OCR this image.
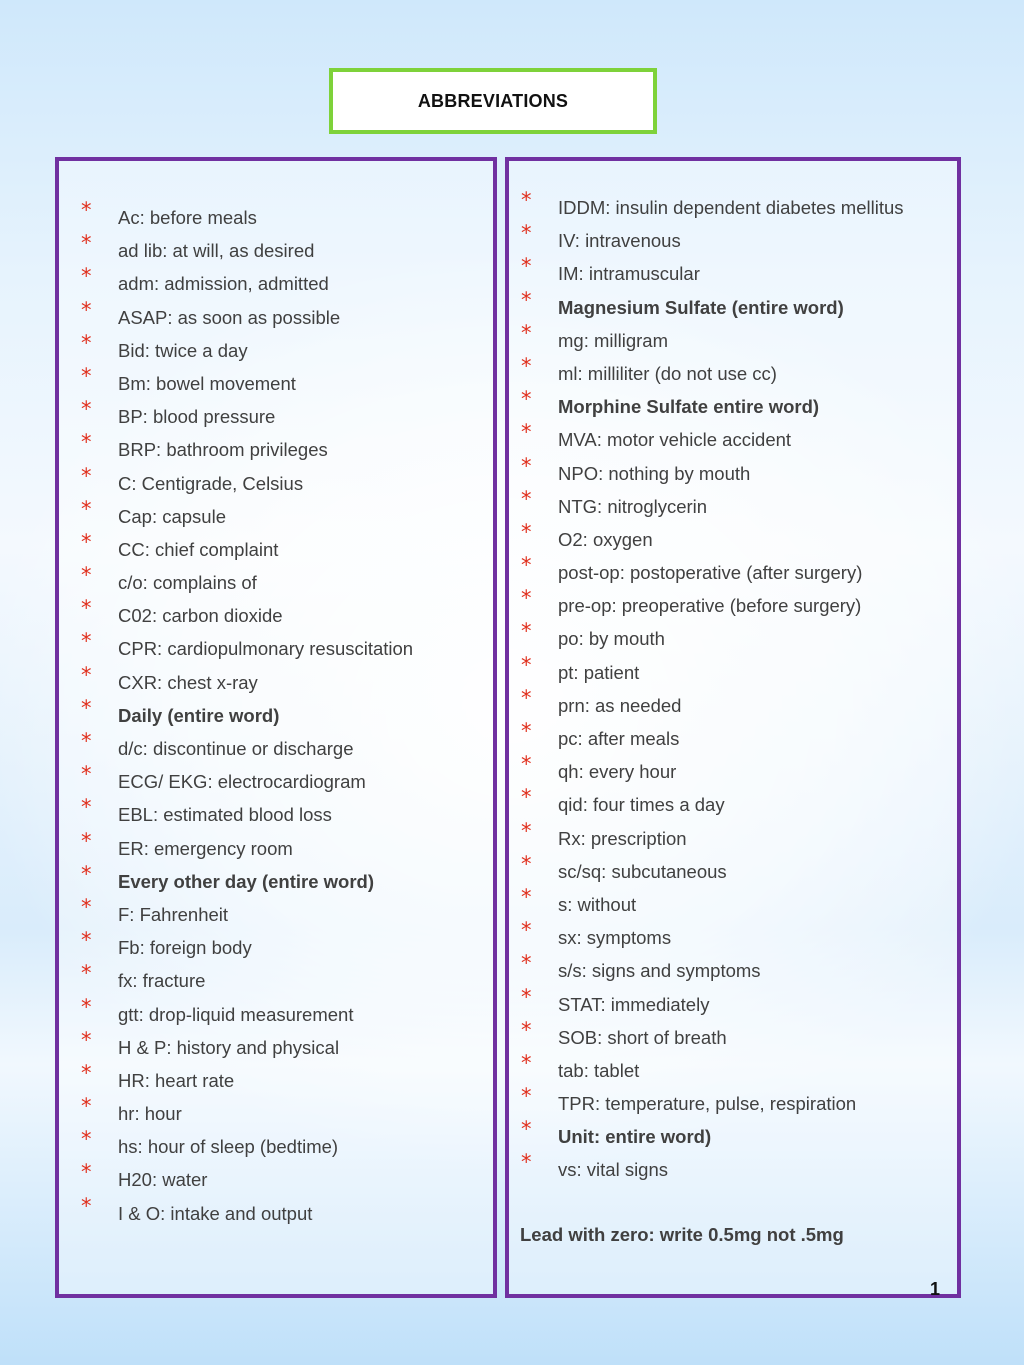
ABBREVIATIONS
* Ac: before meals
* ad lib: at will, as desired
* adm: admission, admitted
* ASAP: as soon as possible
* Bid: twice a day
* Bm: bowel movement
* BP: blood pressure
* BRP: bathroom privileges
* C: Centigrade, Celsius
* Cap: capsule
* CC: chief complaint
* c/o: complains of
* C02: carbon dioxide
* CPR: cardiopulmonary resuscitation
* CXR: chest x-ray
* Daily (entire word)
* d/c: discontinue or discharge
* ECG/ EKG: electrocardiogram
* EBL: estimated blood loss
* ER: emergency room
* Every other day (entire word)
* F: Fahrenheit
* Fb: foreign body
* fx: fracture
* gtt: drop-liquid measurement
* H & P: history and physical
* HR: heart rate
* hr: hour
* hs: hour of sleep (bedtime)
* H20: water
* I & O: intake and output
* IDDM: insulin dependent diabetes mellitus
* IV: intravenous
* IM: intramuscular
* Magnesium Sulfate (entire word)
* mg: milligram
* ml: milliliter (do not use cc)
* Morphine Sulfate entire word)
* MVA: motor vehicle accident
* NPO: nothing by mouth
* NTG: nitroglycerin
* O2: oxygen
* post-op: postoperative (after surgery)
* pre-op: preoperative (before surgery)
* po: by mouth
* pt: patient
* prn: as needed
* pc: after meals
* qh: every hour
* qid: four times a day
* Rx: prescription
* sc/sq: subcutaneous
* s: without
* sx: symptoms
* s/s: signs and symptoms
* STAT: immediately
* SOB: short of breath
* tab: tablet
* TPR: temperature, pulse, respiration
* Unit: entire word)
* vs: vital signs
Lead with zero: write 0.5mg not .5mg
1
